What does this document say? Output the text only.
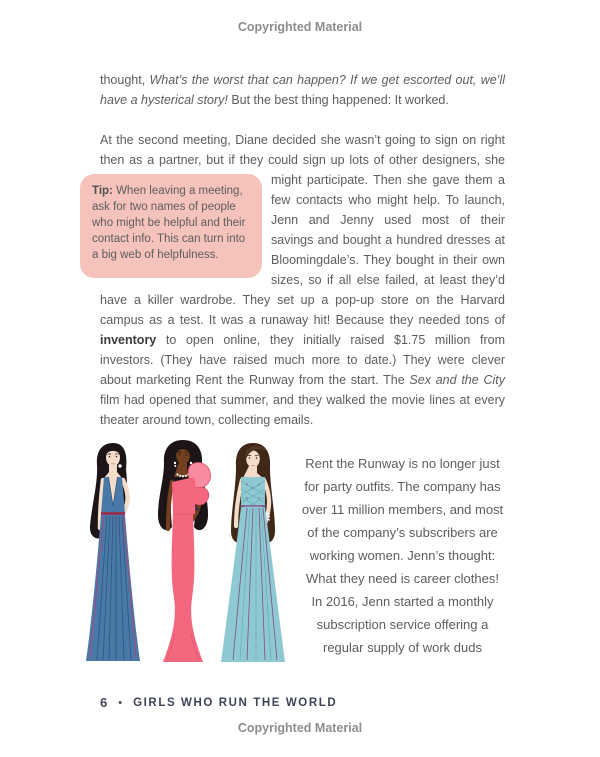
Copyrighted Material

thought, What’s the worst that can happen? If we get escorted out, we’ll have a hysterical story! But the best thing happened: It worked.

At the second meeting, Diane decided she wasn’t going to sign on right then as a partner, but if they could sign up lots of other designers,
Tip: When leaving a meeting, ask for two names of people who might be helpful and their contact info. This can turn into a big web of helpfulness.
she might participate. Then she gave them a few contacts who might help. To launch, Jenn and Jenny used most of their savings and bought a hundred dresses at Bloomingdale’s. They bought in their own sizes, so if all else failed, at least they’d have a killer wardrobe. They set up a pop-up store on the Harvard campus as a test. It was a runaway hit! Because they needed tons of inventory to open online, they initially raised $1.75 million from investors. (They have raised much more to date.) They were clever about marketing Rent the Runway from the start. The Sex and the City film had opened that summer, and they walked the movie lines at every theater around town, collecting emails.

Rent the Runway is no longer just for party outfits. The company has over 11 million members, and most of the company’s subscribers are working women. Jenn’s thought: What they need is career clothes! In 2016, Jenn started a monthly subscription service offering a regular supply of work duds

6 • GIRLS WHO RUN THE WORLD
Copyrighted Material
